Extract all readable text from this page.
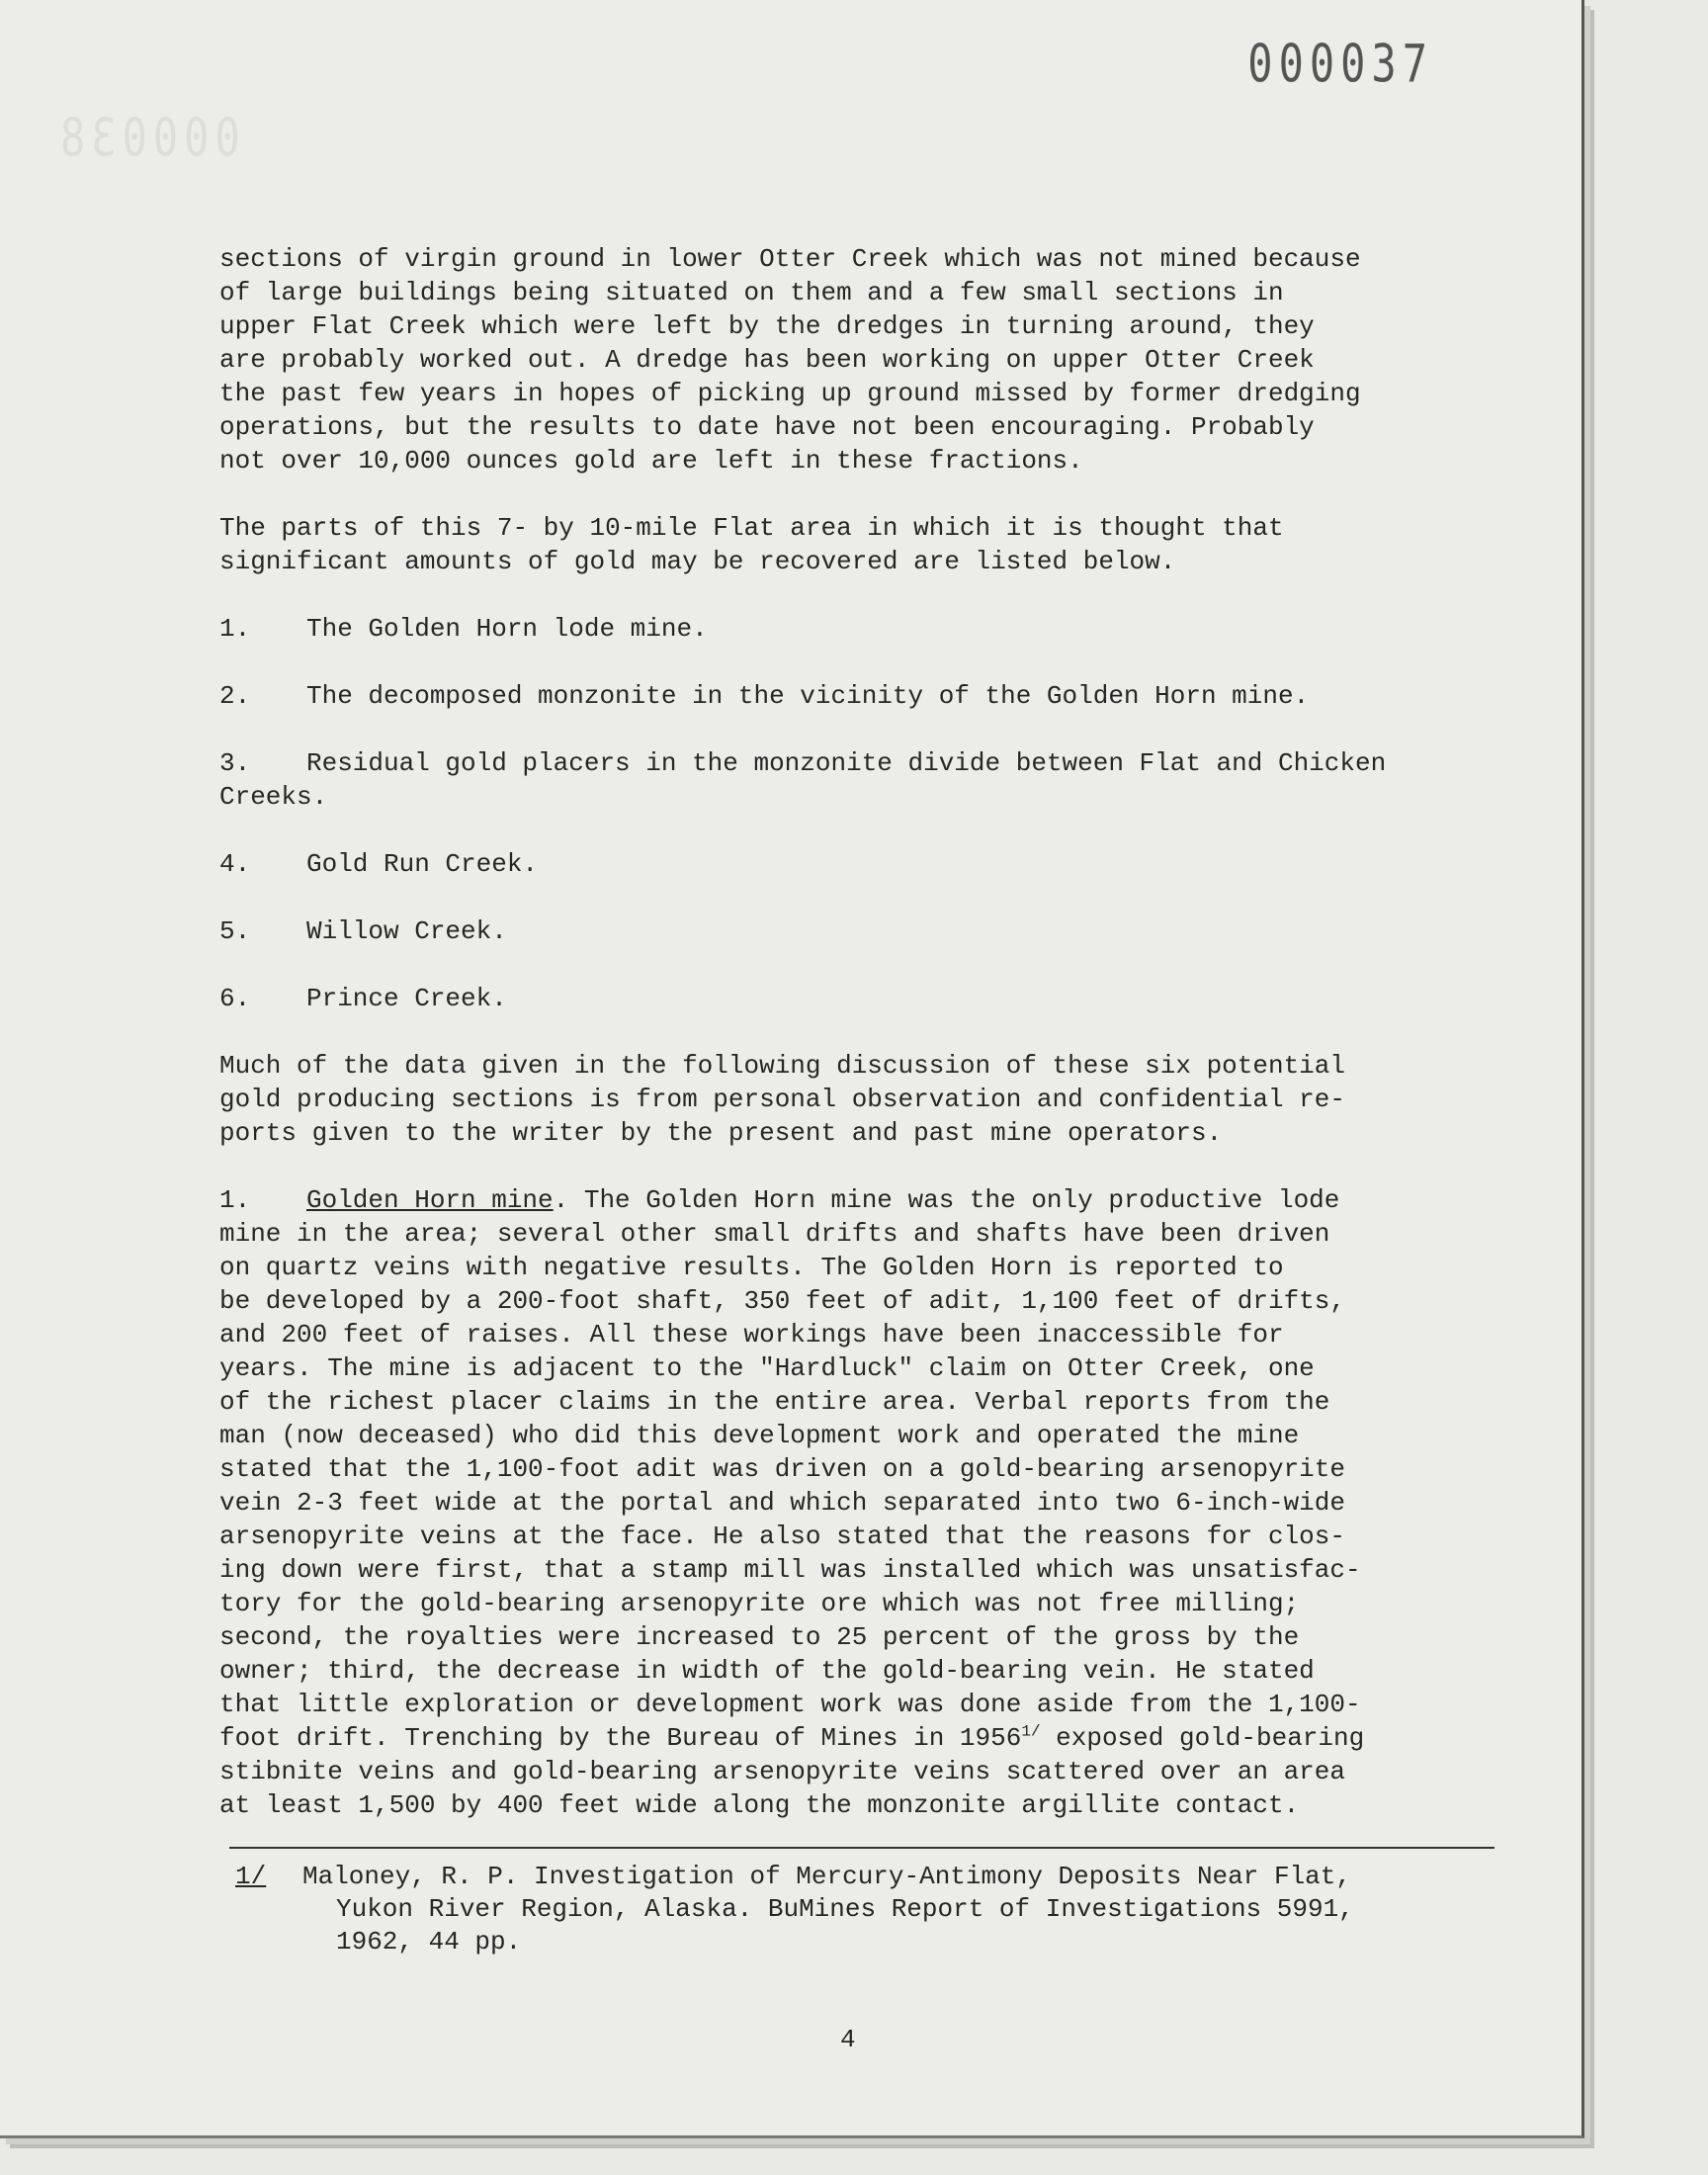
000038
000037

sections of virgin ground in lower Otter Creek which was not mined because
of large buildings being situated on them and a few small sections in
upper Flat Creek which were left by the dredges in turning around, they
are probably worked out. A dredge has been working on upper Otter Creek
the past few years in hopes of picking up ground missed by former dredging
operations, but the results to date have not been encouraging. Probably
not over 10,000 ounces gold are left in these fractions.

The parts of this 7- by 10-mile Flat area in which it is thought that
significant amounts of gold may be recovered are listed below.

1. The Golden Horn lode mine.
2. The decomposed monzonite in the vicinity of the Golden Horn mine.
3. Residual gold placers in the monzonite divide between Flat and Chicken
Creeks.
4. Gold Run Creek.
5. Willow Creek.
6. Prince Creek.

Much of the data given in the following discussion of these six potential
gold producing sections is from personal observation and confidential re-
ports given to the writer by the present and past mine operators.

1. Golden Horn mine. The Golden Horn mine was the only productive lode
mine in the area; several other small drifts and shafts have been driven
on quartz veins with negative results. The Golden Horn is reported to
be developed by a 200-foot shaft, 350 feet of adit, 1,100 feet of drifts,
and 200 feet of raises. All these workings have been inaccessible for
years. The mine is adjacent to the "Hardluck" claim on Otter Creek, one
of the richest placer claims in the entire area. Verbal reports from the
man (now deceased) who did this development work and operated the mine
stated that the 1,100-foot adit was driven on a gold-bearing arsenopyrite
vein 2-3 feet wide at the portal and which separated into two 6-inch-wide
arsenopyrite veins at the face. He also stated that the reasons for clos-
ing down were first, that a stamp mill was installed which was unsatisfac-
tory for the gold-bearing arsenopyrite ore which was not free milling;
second, the royalties were increased to 25 percent of the gross by the
owner; third, the decrease in width of the gold-bearing vein. He stated
that little exploration or development work was done aside from the 1,100-
foot drift. Trenching by the Bureau of Mines in $1956^{1/}$ exposed gold-bearing
stibnite veins and gold-bearing arsenopyrite veins scattered over an area
at least 1,500 by 400 feet wide along the monzonite argillite contact.

1/ Maloney, R. P. Investigation of Mercury-Antimony Deposits Near Flat,
Yukon River Region, Alaska. BuMines Report of Investigations 5991,
1962, 44 pp.
4
